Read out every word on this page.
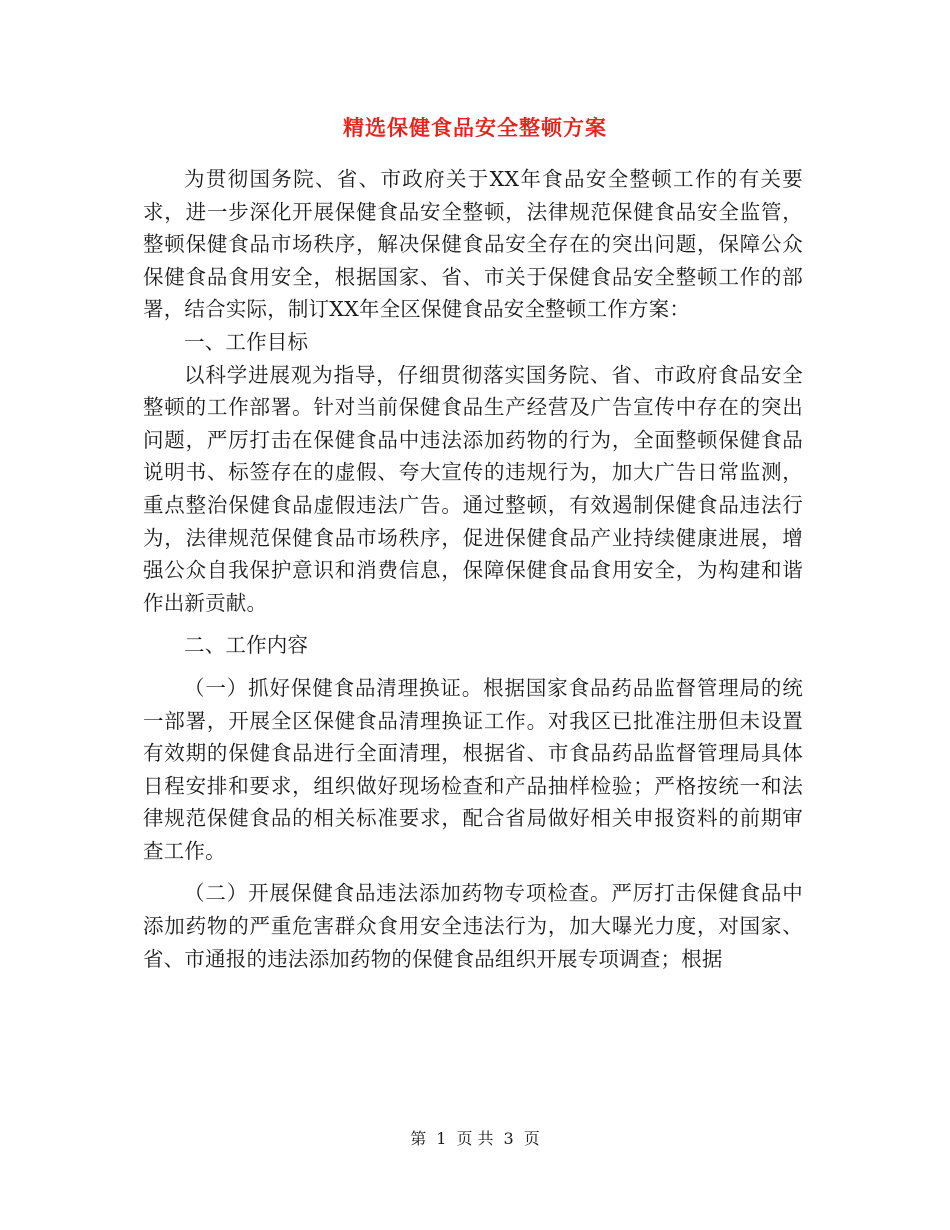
精选保健食品安全整顿方案

为贯彻国务院、省、市政府关于XX年食品安全整顿工作的有关要求，进一步深化开展保健食品安全整顿，法律规范保健食品安全监管，整顿保健食品市场秩序，解决保健食品安全存在的突出问题，保障公众保健食品食用安全，根据国家、省、市关于保健食品安全整顿工作的部署，结合实际，制订XX年全区保健食品安全整顿工作方案：

一、工作目标

以科学进展观为指导，仔细贯彻落实国务院、省、市政府食品安全整顿的工作部署。针对当前保健食品生产经营及广告宣传中存在的突出问题，严厉打击在保健食品中违法添加药物的行为，全面整顿保健食品说明书、标签存在的虚假、夸大宣传的违规行为，加大广告日常监测，重点整治保健食品虚假违法广告。通过整顿，有效遏制保健食品违法行为，法律规范保健食品市场秩序，促进保健食品产业持续健康进展，增强公众自我保护意识和消费信息，保障保健食品食用安全，为构建和谐作出新贡献。

二、工作内容

（一）抓好保健食品清理换证。根据国家食品药品监督管理局的统一部署，开展全区保健食品清理换证工作。对我区已批准注册但未设置有效期的保健食品进行全面清理，根据省、市食品药品监督管理局具体日程安排和要求，组织做好现场检查和产品抽样检验；严格按统一和法律规范保健食品的相关标准要求，配合省局做好相关申报资料的前期审查工作。

（二）开展保健食品违法添加药物专项检查。严厉打击保健食品中添加药物的严重危害群众食用安全违法行为，加大曝光力度，对国家、省、市通报的违法添加药物的保健食品组织开展专项调查；根据

第 1 页 共 3 页
